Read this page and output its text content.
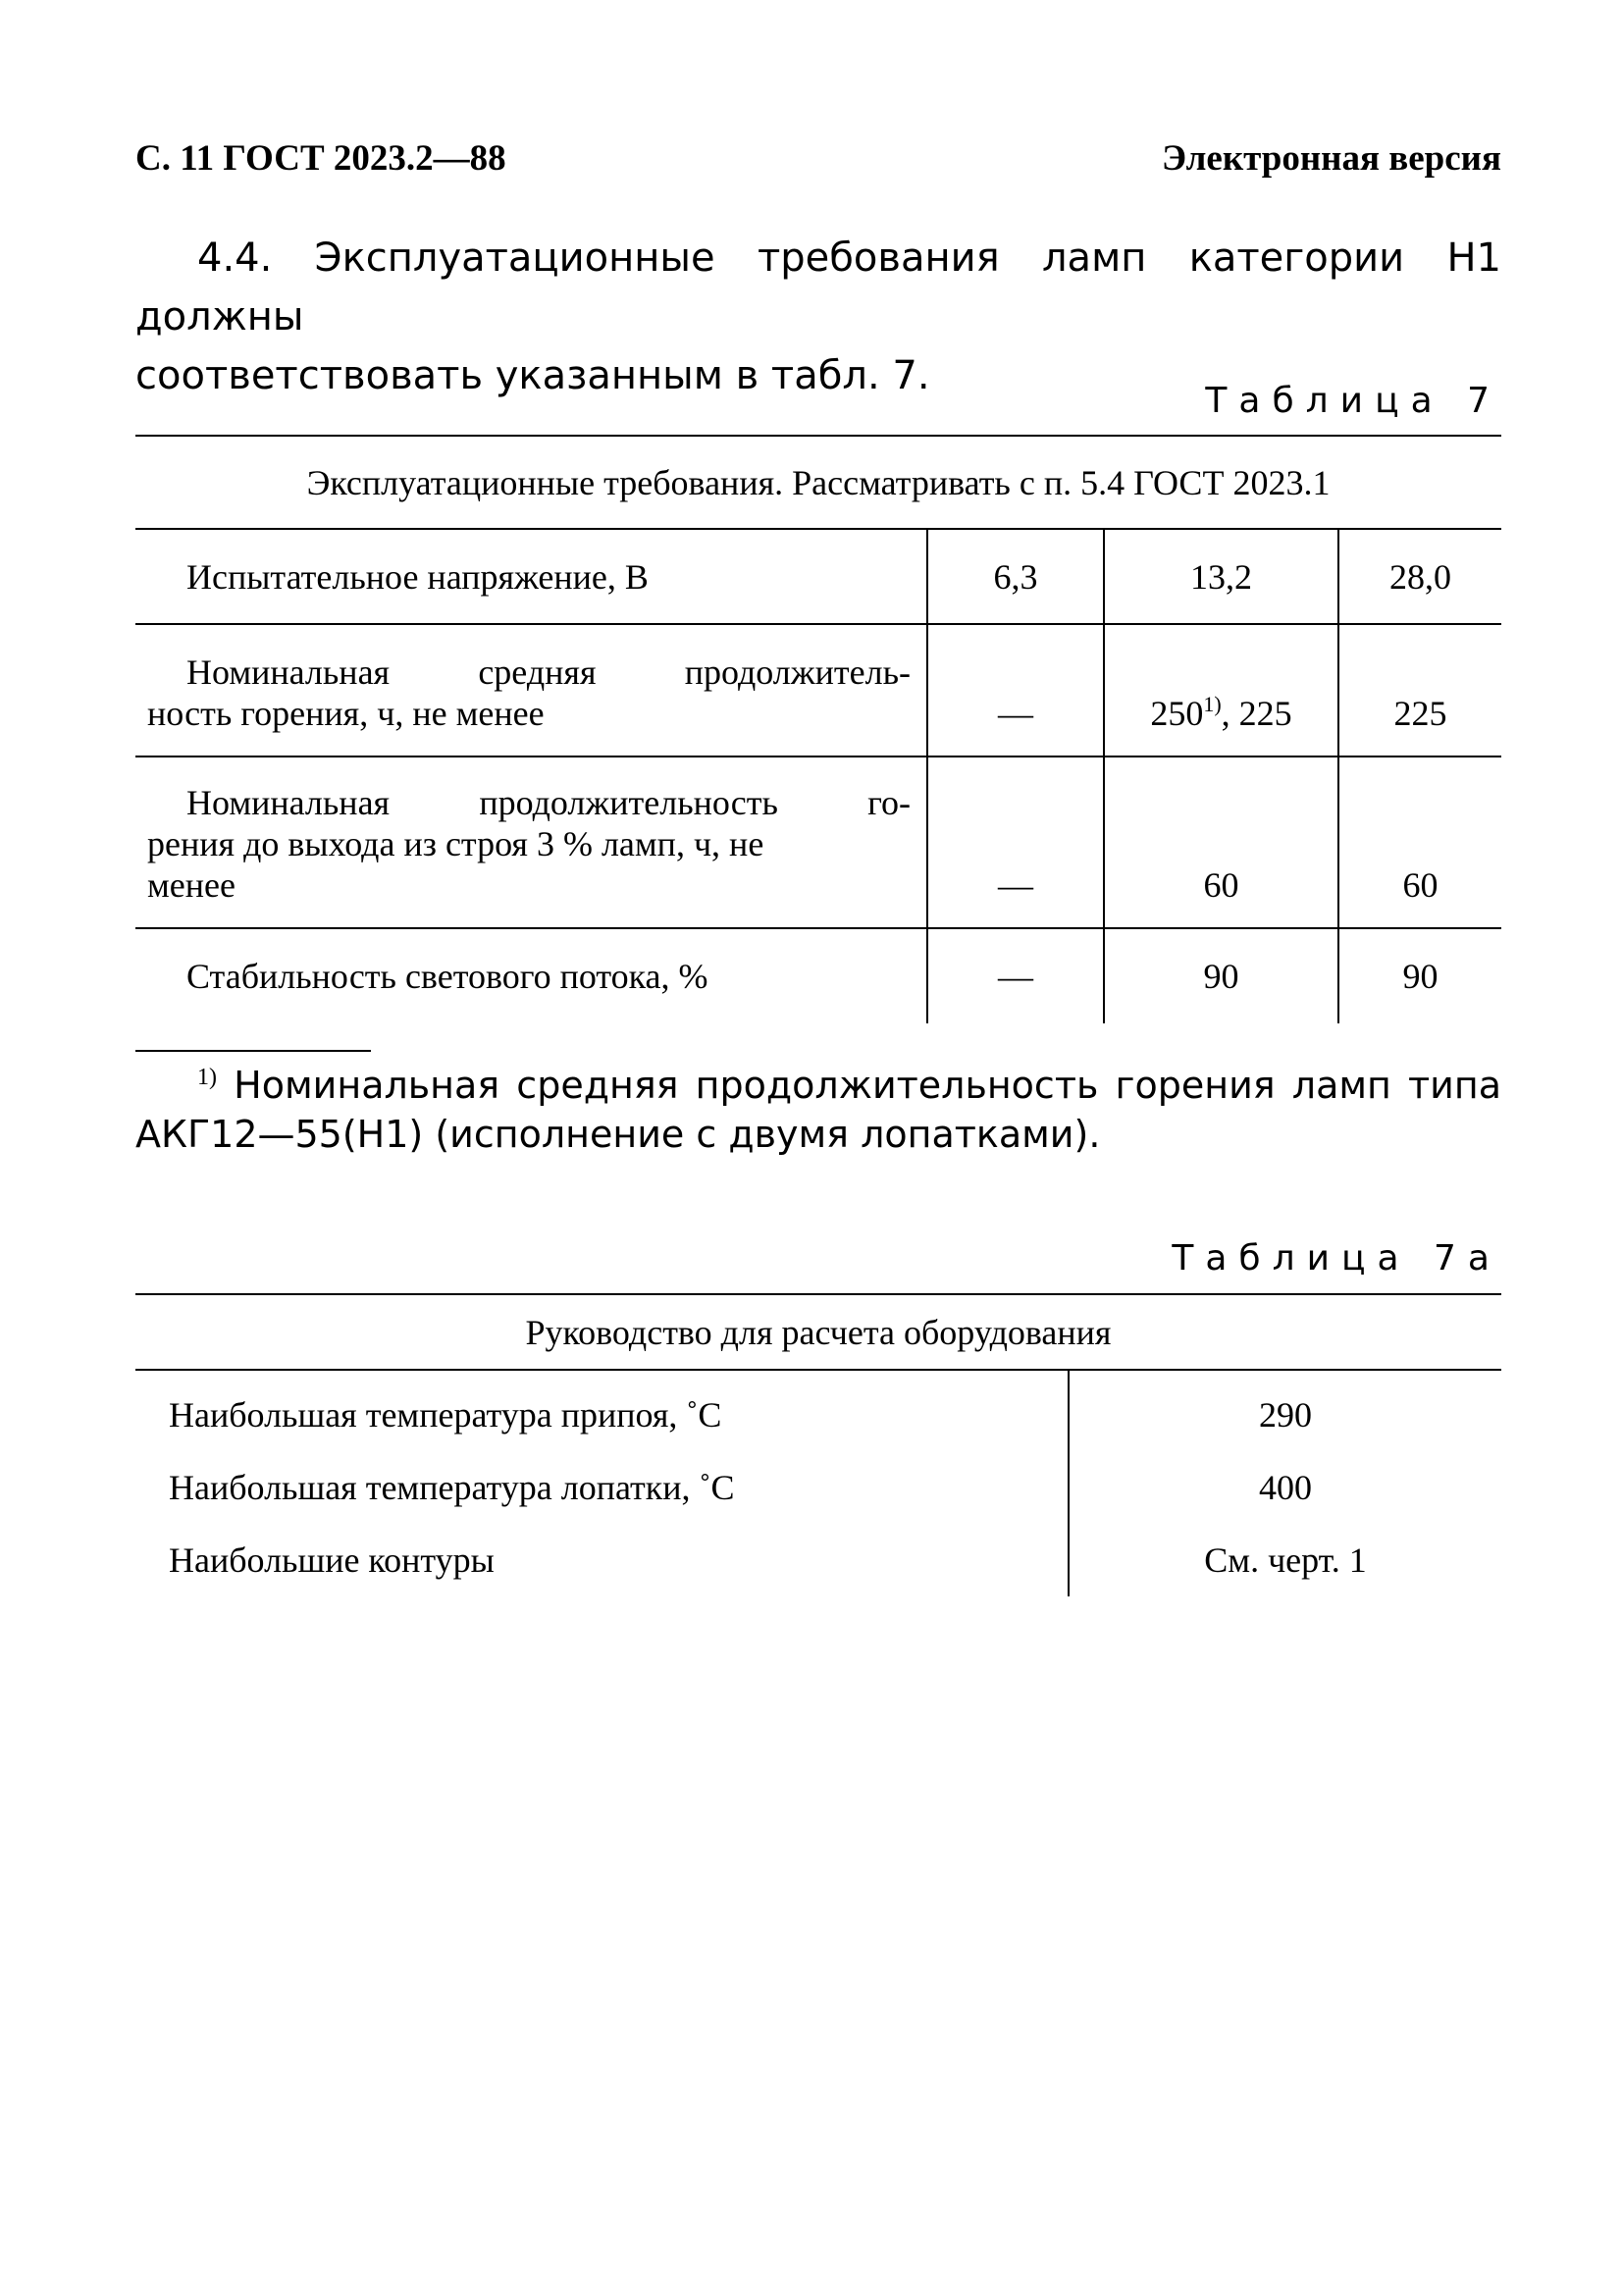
С. 11 ГОСТ 2023.2—88	Электронная версия
4.4. Эксплуатационные требования ламп категории Н1 должны
соответствовать указанным в табл. 7.
Таблица 7
Эксплуатационные требования. Рассматривать с п. 5.4 ГОСТ 2023.1			
Испытательное напряжение, В	6,3	13,2	28,0

Номинальная средняя продолжитель-
ность горения, ч, не менее	—	250$^{1)}$, 225	225

Номинальная продолжительность го-
рения до выхода из строя 3 % ламп, ч, не
менее	—	60	60
Стабильность светового потока, %	—	90	90
$^{1)}$ Номинальная средняя продолжительность горения ламп типа
АКГ12—55(Н1) (исполнение с двумя лопатками).
Таблица 7а
Руководство для расчета оборудования	
Наибольшая температура припоя, ˚С	290
Наибольшая температура лопатки, ˚С	400
Наибольшие контуры	См. черт. 1
